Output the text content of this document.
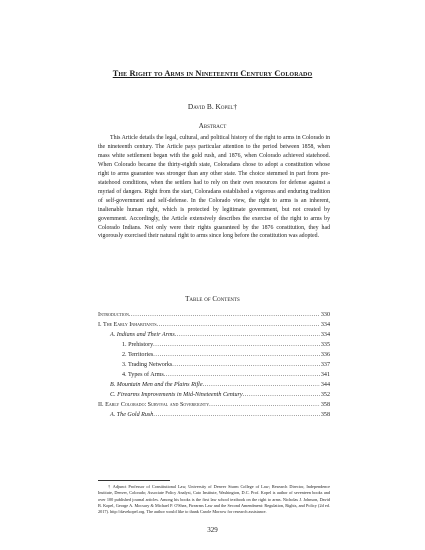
The Right to Arms in Nineteenth Century Colorado
David B. Kopel†
Abstract

This Article details the legal, cultural, and political history of the right to arms in Colorado in the nineteenth century. The Article pays particular attention to the period between 1858, when mass white settlement began with the gold rush, and 1876, when Colorado achieved statehood. When Colorado became the thirty-eighth state, Coloradans chose to adopt a constitution whose right to arms guarantee was stronger than any other state. The choice stemmed in part from pre-statehood conditions, when the settlers had to rely on their own resources for defense against a myriad of dangers. Right from the start, Coloradans established a vigorous and enduring tradition of self-government and self-defense. In the Colorado view, the right to arms is an inherent, inalienable human right, which is protected by legitimate government, but not created by government. Accordingly, the Article extensively describes the exercise of the right to arms by Colorado Indians. Not only were their rights guaranteed by the 1876 constitution, they had vigorously exercised their natural right to arms since long before the constitution was adopted.

Table of Contents
Introduction .....	330
I. The Early Inhabitants .....	334
A. Indians and Their Arms .....	334
1. Prehistory .....	335
2. Territories .....	336
3. Trading Networks .....	337
4. Types of Arms .....	341
B. Mountain Men and the Plains Rifle .....	344
C. Firearms Improvements in Mid-Nineteenth Century .....	352
II. Early Colorado: Survival and Sovereignty .....	358
A. The Gold Rush .....	358

† Adjunct Professor of Constitutional Law, University of Denver Sturm College of Law; Research Director, Independence Institute, Denver, Colorado; Associate Policy Analyst, Cato Institute, Washington, D.C. Prof. Kopel is author of seventeen books and over 100 published journal articles. Among his books is the first law school textbook on the right to arms. Nicholas J. Johnson, David B. Kopel, George A. Mocsary & Michael P. O'Shea, Firearms Law and the Second Amendment: Regulation, Rights, and Policy (2d ed. 2017). http://davekopel.org. The author would like to thank Carole Morrow for research assistance.

329
